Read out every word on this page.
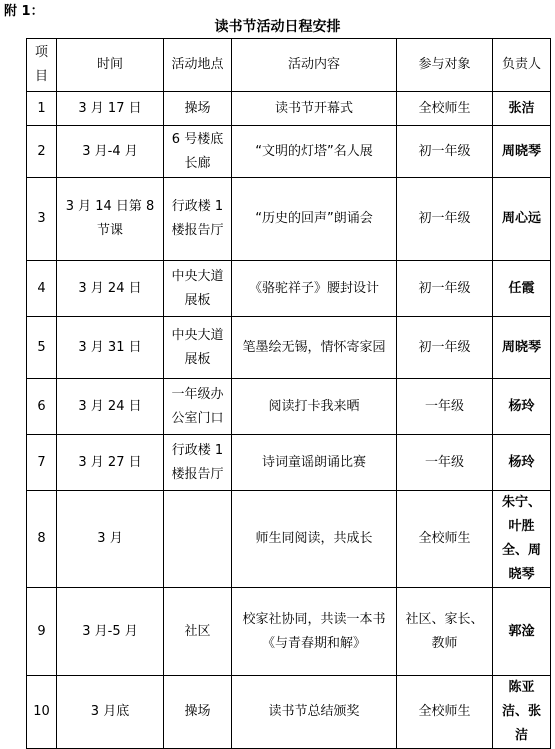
附 1：
读书节活动日程安排
项目	时间	活动地点	活动内容	参与对象	负责人
1	3 月 17 日	操场	读书节开幕式	全校师生	张洁
2	3 月-4 月	6 号楼底长廊	“文明的灯塔”名人展	初一年级	周晓琴
3	3 月 14 日第 8 节课	行政楼 1 楼报告厅	“历史的回声”朗诵会	初一年级	周心远
4	3 月 24 日	中央大道展板	《骆驼祥子》腰封设计	初一年级	任霞
5	3 月 31 日	中央大道展板	笔墨绘无锡，情怀寄家园	初一年级	周晓琴
6	3 月 24 日	一年级办公室门口	阅读打卡我来晒	一年级	杨玲
7	3 月 27 日	行政楼 1 楼报告厅	诗词童谣朗诵比赛	一年级	杨玲
8	3 月		师生同阅读，共成长	全校师生	朱宁、叶胜全、周晓琴
9	3 月-5 月	社区	校家社协同，共读一本书《与青春期和解》	社区、家长、教师	郭淦
10	3 月底	操场	读书节总结颁奖	全校师生	陈亚洁、张洁
